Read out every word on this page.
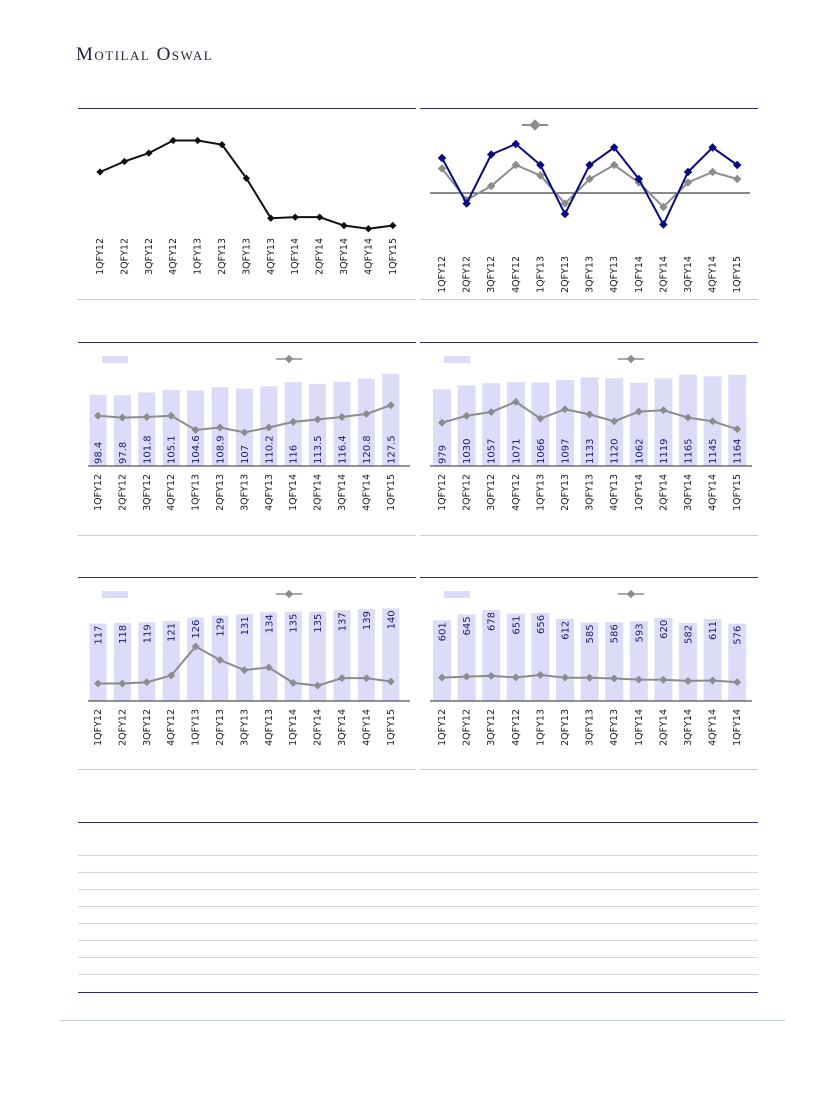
Motilal Oswal
1QFY12 2QFY12 3QFY12 4QFY12 1QFY13 2QFY13 3QFY13 4QFY13 1QFY14 2QFY14 3QFY14 4QFY14 1QFY15	1QFY12 2QFY12 3QFY12 4QFY12 1QFY13 2QFY13 3QFY13 4QFY13 1QFY14 2QFY14 3QFY14 4QFY14 1QFY15
98.4 97.8 101.8 105.1 104.6 108.9 107 110.2 116 113.5 116.4 120.8 127.5
1QFY12 2QFY12 3QFY12 4QFY12 1QFY13 2QFY13 3QFY13 4QFY13 1QFY14 2QFY14 3QFY14 4QFY14 1QFY15
979 1030 1057 1071 1066 1097 1133 1120 1062 1119 1165 1145 1164
1QFY12 2QFY12 3QFY12 4QFY12 1QFY13 2QFY13 3QFY13 4QFY13 1QFY14 2QFY14 3QFY14 4QFY14 1QFY15
117 118 119 121 126 129 131 134 135 135 137 139 140
1QFY12 2QFY12 3QFY12 4QFY12 1QFY13 2QFY13 3QFY13 4QFY13 1QFY14 2QFY14 3QFY14 4QFY14 1QFY15
601 645 678 651 656 612 585 586 593 620 582 611 576
1QFY12 2QFY12 3QFY12 4QFY12 1QFY13 2QFY13 3QFY13 4QFY13 1QFY14 2QFY14 3QFY14 4QFY14 1QFY14
